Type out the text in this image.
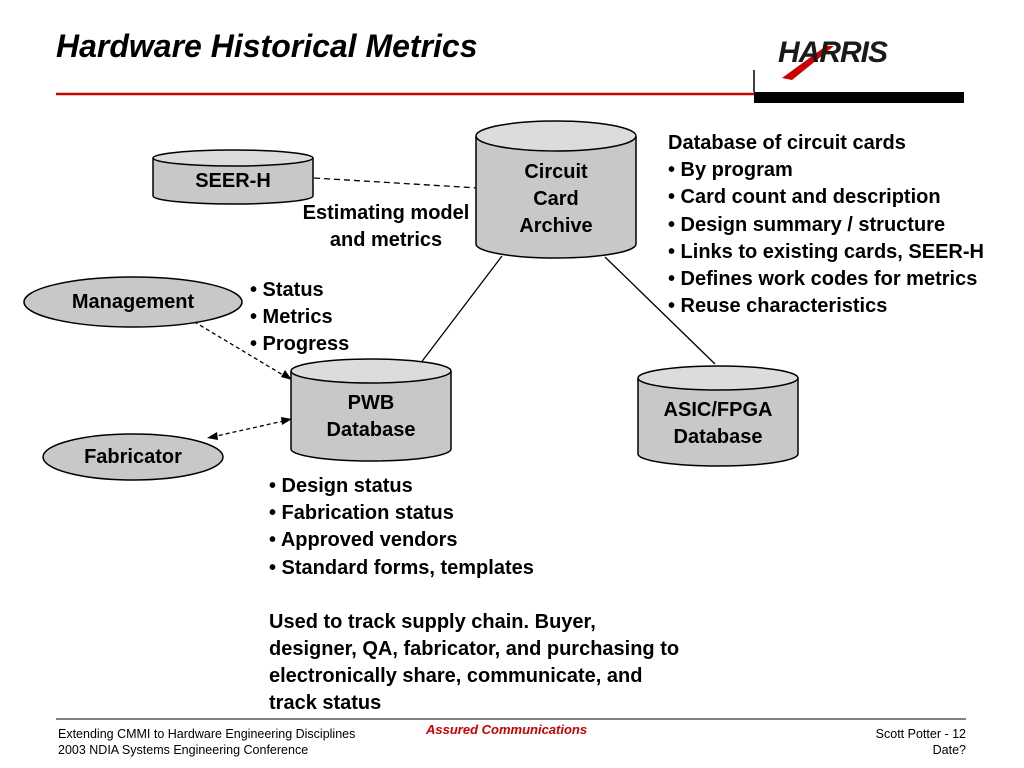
Hardware Historical Metrics	HARRIS
Circuit
Card
Archive
SEER-H
Management
Fabricator
PWB
Database
ASIC/FPGA
Database
Estimating model
and metrics
• Status
• Metrics
• Progress
Database of circuit cards
• By program
• Card count and description
• Design summary / structure
• Links to existing cards, SEER-H
• Defines work codes for metrics
• Reuse characteristics
• Design status
• Fabrication status
• Approved vendors
• Standard forms, templates
Used to track supply chain. Buyer,
designer, QA, fabricator, and purchasing to
electronically share, communicate, and
track status
Extending CMMI to Hardware Engineering Disciplines
2003 NDIA Systems Engineering Conference
Assured Communications	Scott Potter - 12
Date?
